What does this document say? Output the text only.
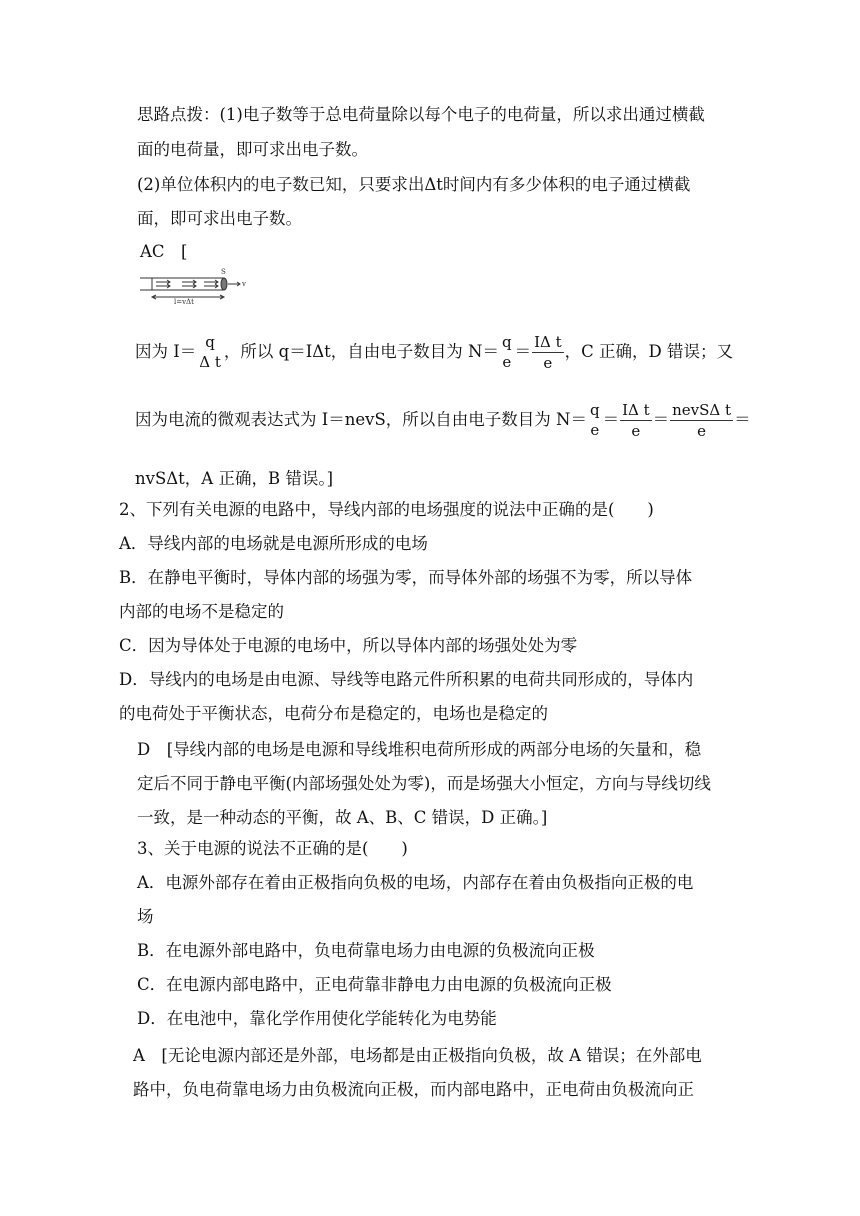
思路点拨：(1)电子数等于总电荷量除以每个电子的电荷量，所以求出通过横截
面的电荷量，即可求出电子数。
(2)单位体积内的电子数已知，只要求出Δt时间内有多少体积的电子通过横截
面，即可求出电子数。
AC　[
S
v
l=vΔt
因为 I＝ q
Δ t
，所以 q＝IΔt，自由电子数目为 N＝ q
e
＝ $\frac{\text{IΔ t}}{e}$ ，C 正确，D 错误；又
因为电流的微观表达式为 I＝nevS，所以自由电子数目为 N＝ q
e
＝ $\frac{\text{IΔ t}}{e} = \frac{\text{nevSΔ t}}{e}$ ＝
nvSΔt，A 正确，B 错误。]
2、下列有关电源的电路中，导线内部的电场强度的说法中正确的是(　　)
A．导线内部的电场就是电源所形成的电场
B．在静电平衡时，导体内部的场强为零，而导体外部的场强不为零，所以导体
内部的电场不是稳定的
C．因为导体处于电源的电场中，所以导体内部的场强处处为零
D．导线内的电场是由电源、导线等电路元件所积累的电荷共同形成的，导体内
的电荷处于平衡状态，电荷分布是稳定的，电场也是稳定的
D　[导线内部的电场是电源和导线堆积电荷所形成的两部分电场的矢量和，稳
定后不同于静电平衡(内部场强处处为零)，而是场强大小恒定，方向与导线切线
一致，是一种动态的平衡，故 A、B、C 错误，D 正确。]
3、关于电源的说法不正确的是(　　)
A．电源外部存在着由正极指向负极的电场，内部存在着由负极指向正极的电
场
B．在电源外部电路中，负电荷靠电场力由电源的负极流向正极
C．在电源内部电路中，正电荷靠非静电力由电源的负极流向正极
D．在电池中，靠化学作用使化学能转化为电势能
A　[无论电源内部还是外部，电场都是由正极指向负极，故 A 错误；在外部电
路中，负电荷靠电场力由负极流向正极，而内部电路中，正电荷由负极流向正
